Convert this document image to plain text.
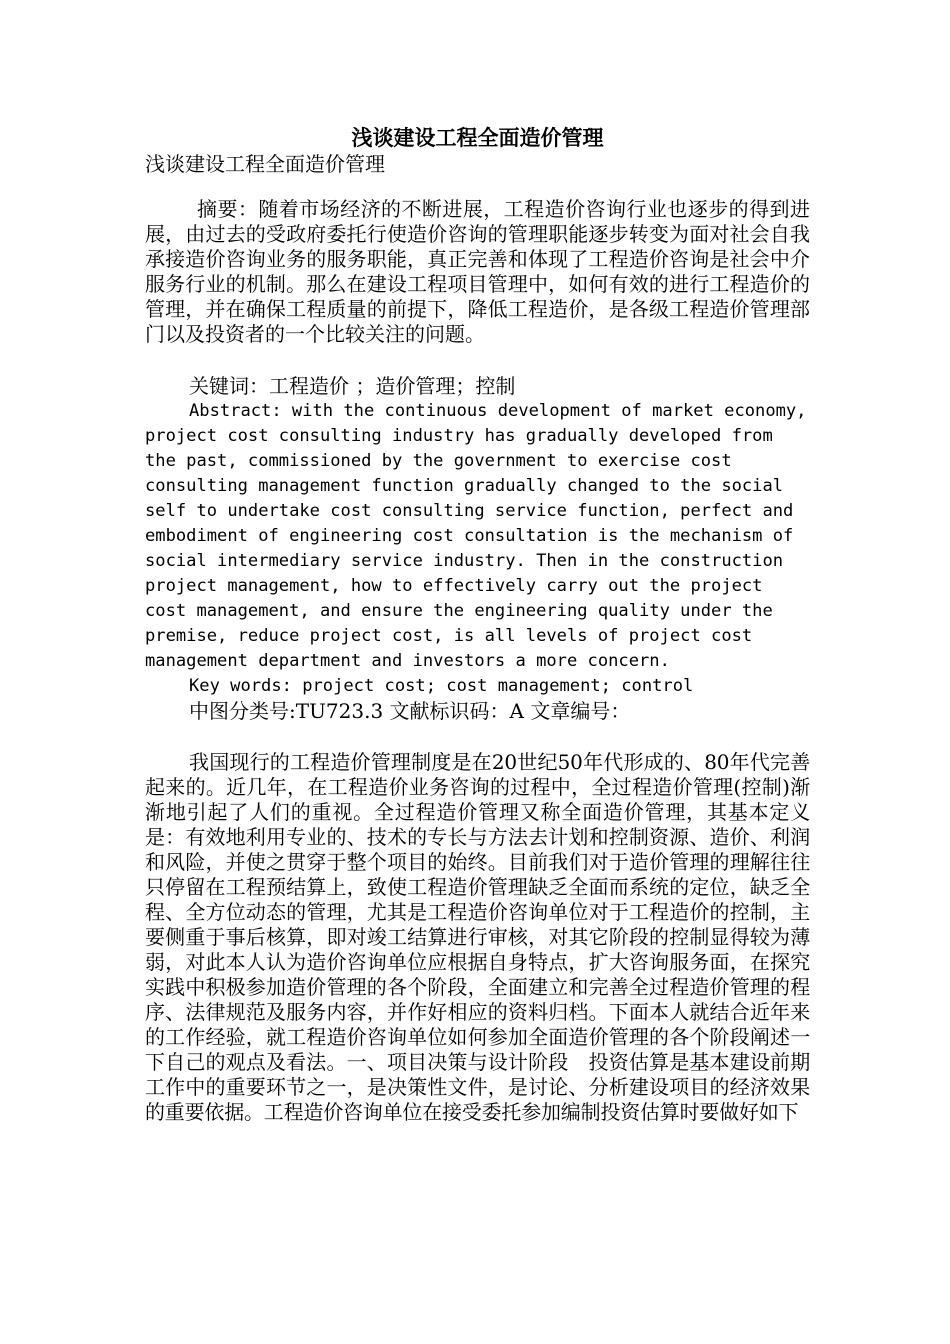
浅谈建设工程全面造价管理

浅谈建设工程全面造价管理

摘要：随着市场经济的不断进展，工程造价咨询行业也逐步的得到进展，由过去的受政府委托行使造价咨询的管理职能逐步转变为面对社会自我承接造价咨询业务的服务职能，真正完善和体现了工程造价咨询是社会中介服务行业的机制。那么在建设工程项目管理中，如何有效的进行工程造价的管理，并在确保工程质量的前提下，降低工程造价，是各级工程造价管理部门以及投资者的一个比较关注的问题。

关键词：工程造价 ；造价管理；控制

Abstract: with the continuous development of market economy, project cost consulting industry has gradually developed from the past, commissioned by the government to exercise cost consulting management function gradually changed to the social self to undertake cost consulting service function, perfect and embodiment of engineering cost consultation is the mechanism of social intermediary service industry. Then in the construction project management, how to effectively carry out the project cost management, and ensure the engineering quality under the premise, reduce project cost, is all levels of project cost management department and investors a more concern.

Key words: project cost; cost management; control

中图分类号:TU723.3 文献标识码：A 文章编号：

我国现行的工程造价管理制度是在20世纪50年代形成的、80年代完善起来的。近几年，在工程造价业务咨询的过程中，全过程造价管理(控制)渐渐地引起了人们的重视。全过程造价管理又称全面造价管理，其基本定义是：有效地利用专业的、技术的专长与方法去计划和控制资源、造价、利润和风险，并使之贯穿于整个项目的始终。目前我们对于造价管理的理解往往只停留在工程预结算上，致使工程造价管理缺乏全面而系统的定位，缺乏全程、全方位动态的管理，尤其是工程造价咨询单位对于工程造价的控制，主要侧重于事后核算，即对竣工结算进行审核，对其它阶段的控制显得较为薄弱，对此本人认为造价咨询单位应根据自身特点，扩大咨询服务面，在探究实践中积极参加造价管理的各个阶段，全面建立和完善全过程造价管理的程序、法律规范及服务内容，并作好相应的资料归档。下面本人就结合近年来的工作经验，就工程造价咨询单位如何参加全面造价管理的各个阶段阐述一下自己的观点及看法。一、项目决策与设计阶段　投资估算是基本建设前期工作中的重要环节之一，是决策性文件，是讨论、分析建设项目的经济效果的重要依据。工程造价咨询单位在接受委托参加编制投资估算时要做好如下
